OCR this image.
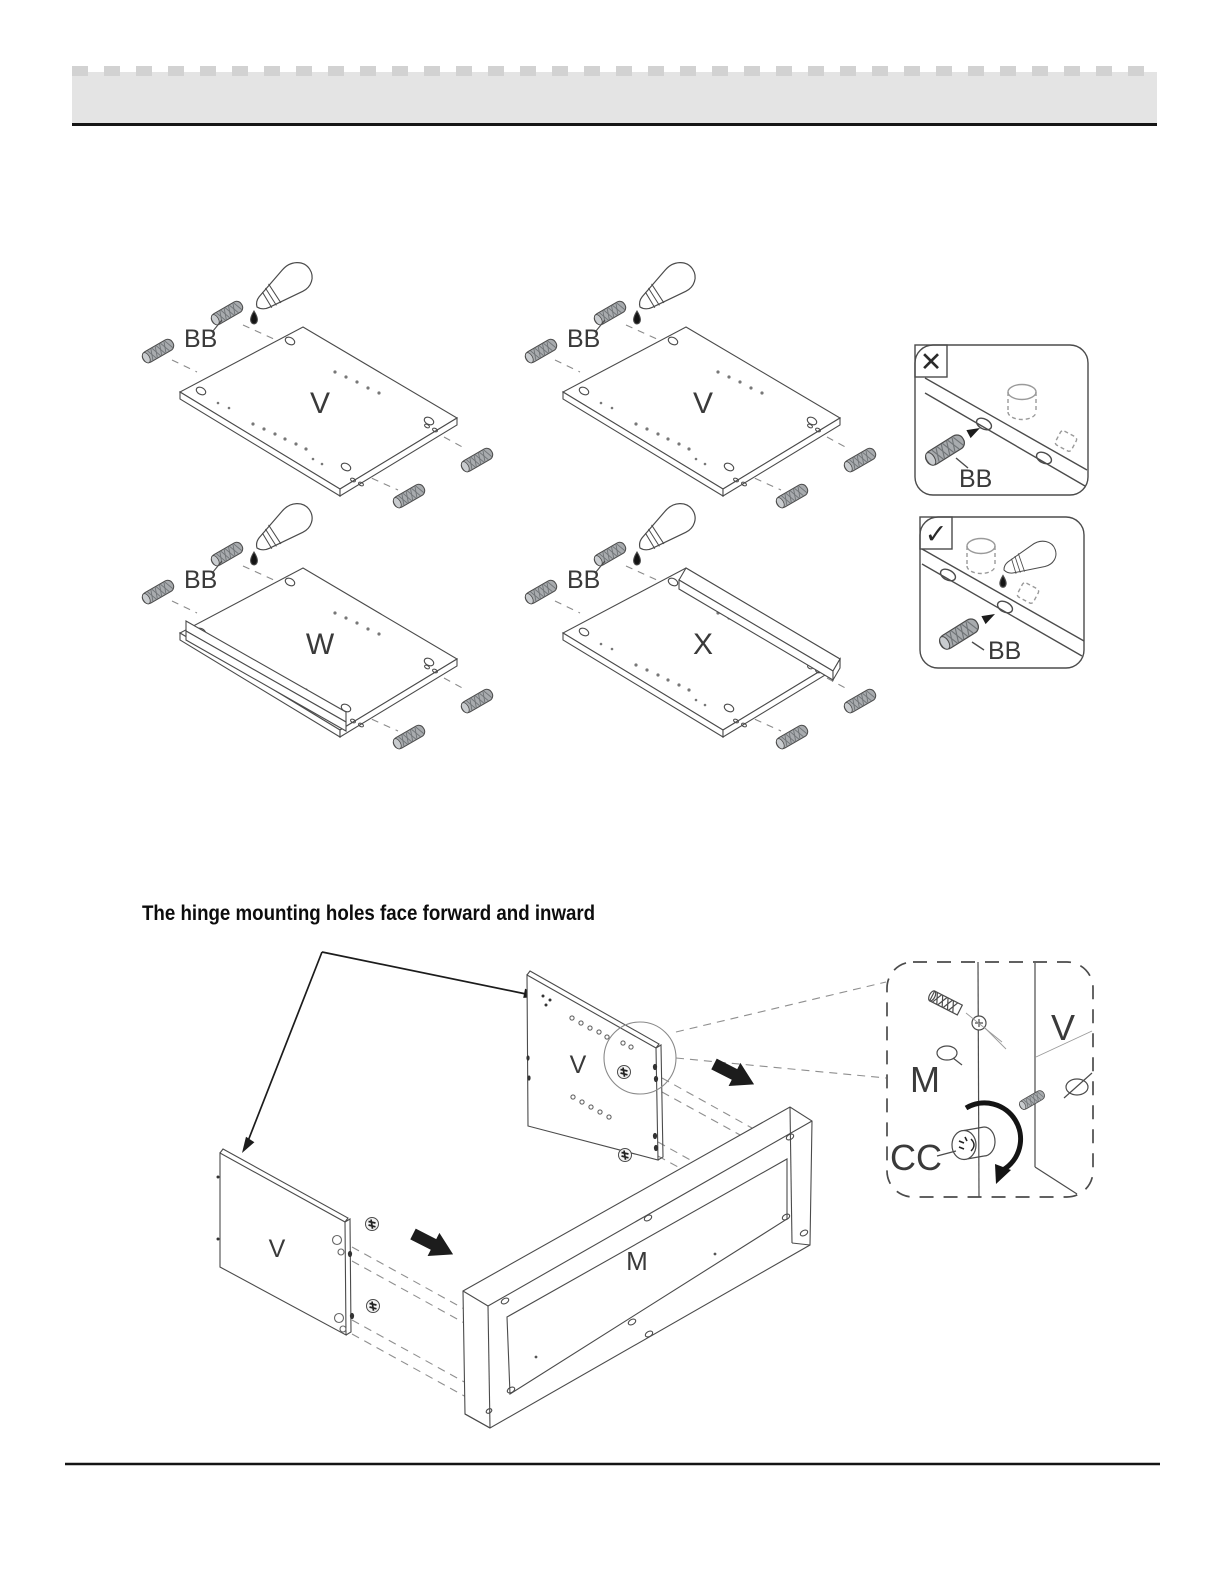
V	V
W	X
BB	BB
BB	BB
✕
BB
✓
BB
V
V	M
M
V
CC
The hinge mounting holes face forward and inward
